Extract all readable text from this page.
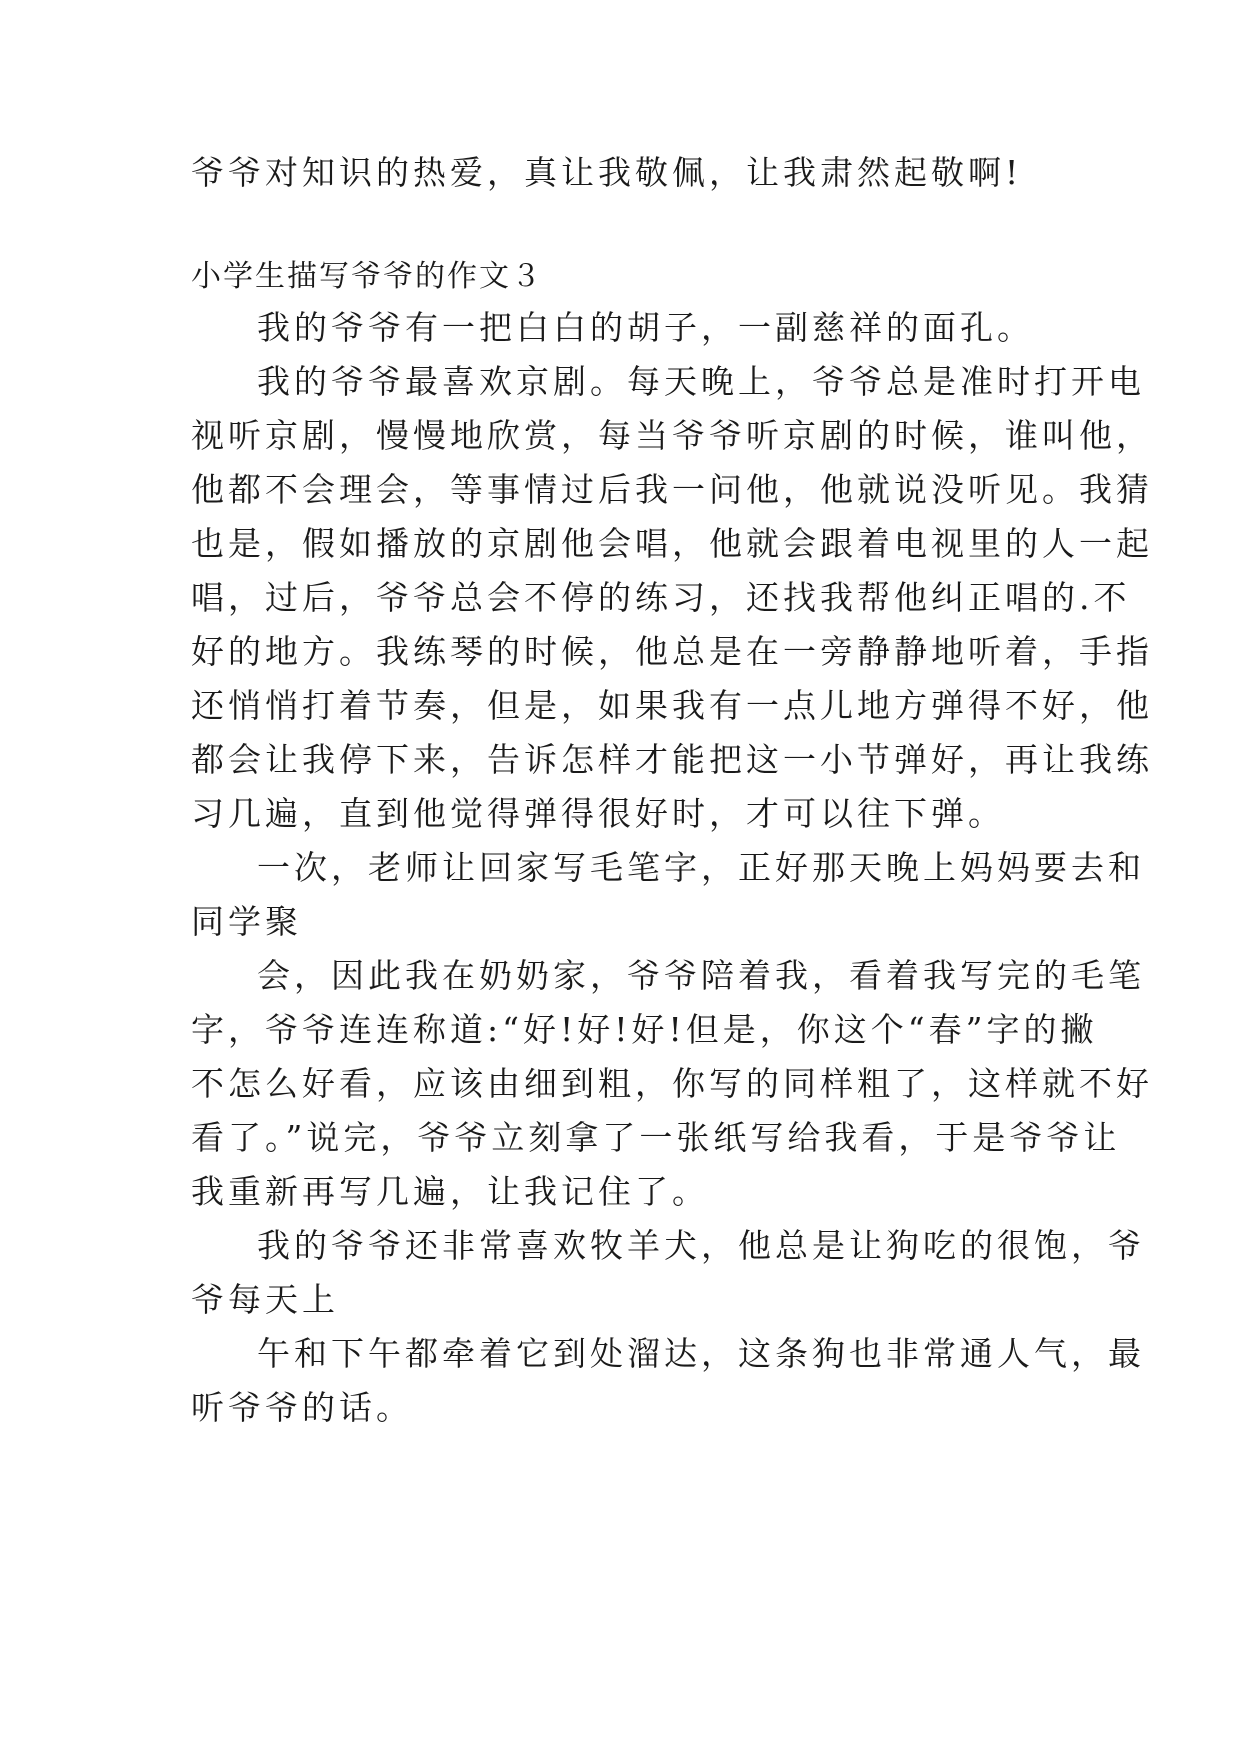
爷爷对知识的热爱，真让我敬佩，让我肃然起敬啊!

小学生描写爷爷的作文３

我的爷爷有一把白白的胡子，一副慈祥的面孔。

我的爷爷最喜欢京剧。每天晚上，爷爷总是准时打开电

视听京剧，慢慢地欣赏，每当爷爷听京剧的时候，谁叫他，

他都不会理会，等事情过后我一问他，他就说没听见。我猜

也是，假如播放的京剧他会唱，他就会跟着电视里的人一起

唱，过后，爷爷总会不停的练习，还找我帮他纠正唱的.不

好的地方。我练琴的时候，他总是在一旁静静地听着，手指

还悄悄打着节奏，但是，如果我有一点儿地方弹得不好，他

都会让我停下来，告诉怎样才能把这一小节弹好，再让我练

习几遍，直到他觉得弹得很好时，才可以往下弹。

一次，老师让回家写毛笔字，正好那天晚上妈妈要去和

同学聚

会，因此我在奶奶家，爷爷陪着我，看着我写完的毛笔

字，爷爷连连称道:“好!好!好!但是，你这个“春”字的撇

不怎么好看，应该由细到粗，你写的同样粗了，这样就不好

看了。”说完，爷爷立刻拿了一张纸写给我看，于是爷爷让

我重新再写几遍，让我记住了。

我的爷爷还非常喜欢牧羊犬，他总是让狗吃的很饱，爷

爷每天上

午和下午都牵着它到处溜达，这条狗也非常通人气，最

听爷爷的话。
